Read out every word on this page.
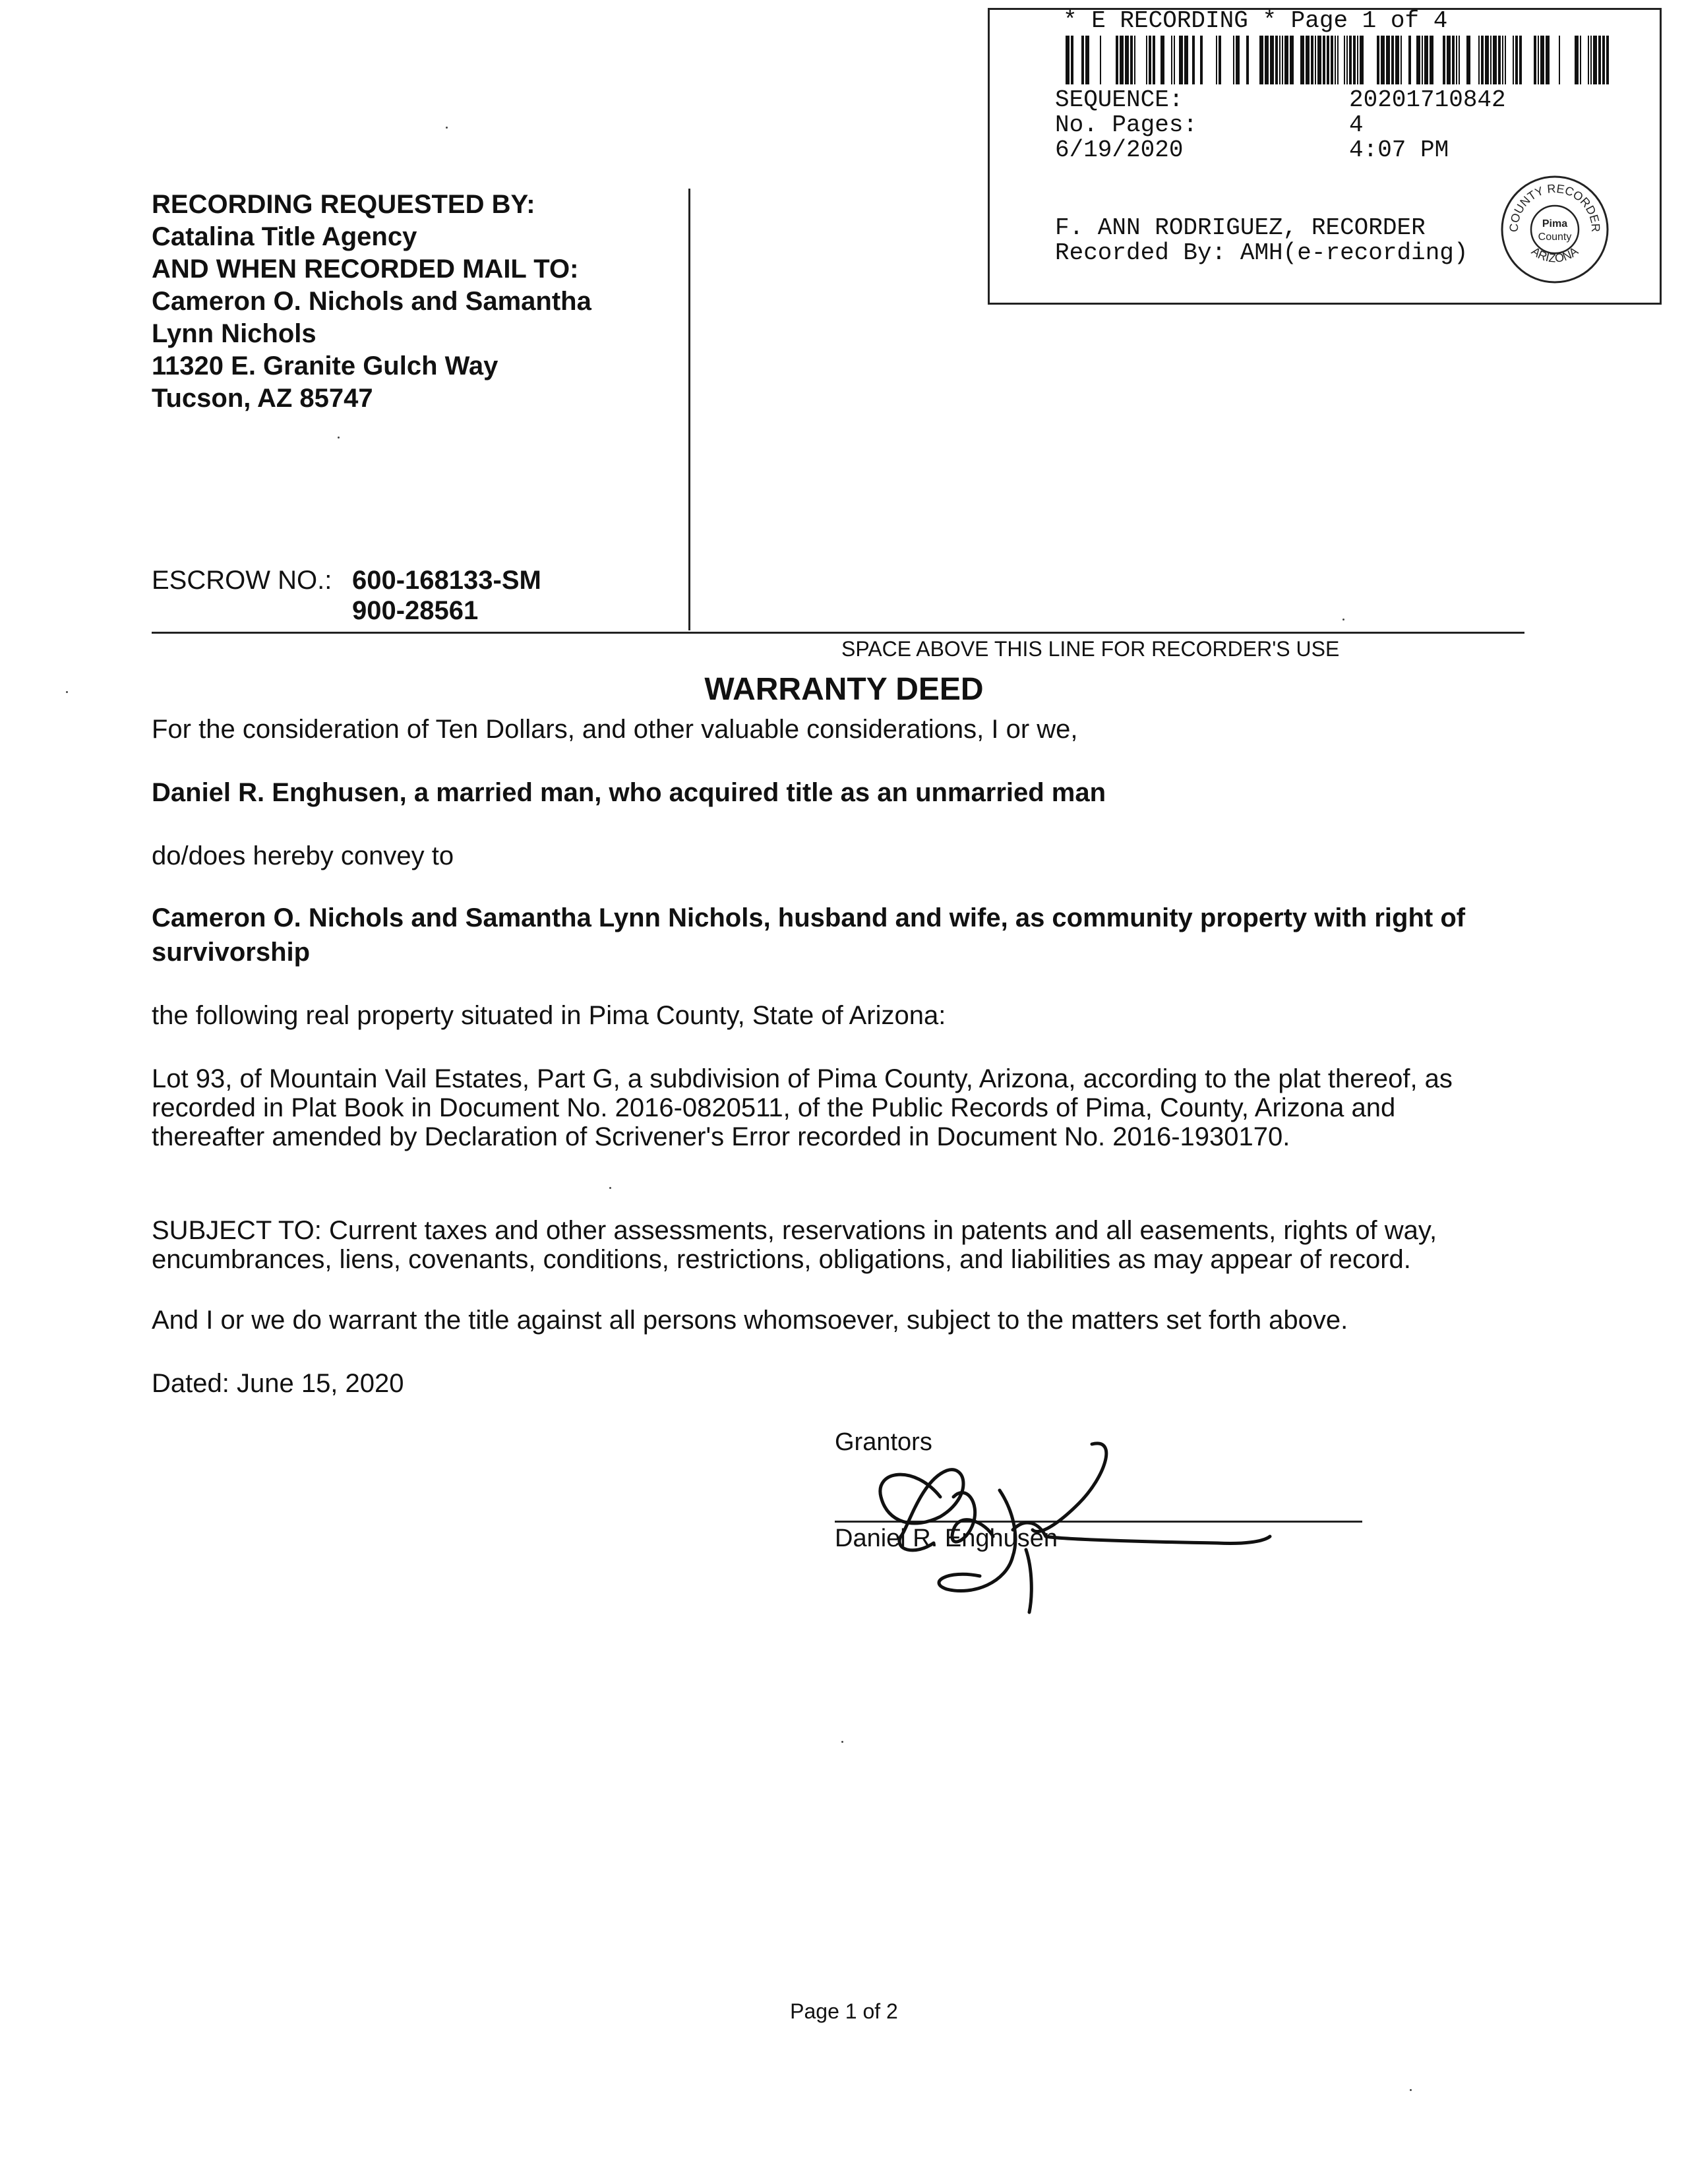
* E RECORDING * Page 1 of 4
SEQUENCE:	20201710842
No. Pages:	4
6/19/2020	4:07 PM
F. ANN RODRIGUEZ, RECORDER
Recorded By: AMH(e-recording)
COUNTY RECORDER
ARIZONA
Pima
County
RECORDING REQUESTED BY:
Catalina Title Agency
AND WHEN RECORDED MAIL TO:
Cameron O. Nichols and Samantha
Lynn Nichols
11320 E. Granite Gulch Way
Tucson, AZ 85747
ESCROW NO.: 600-168133-SM
900-28561
SPACE ABOVE THIS LINE FOR RECORDER'S USE
WARRANTY DEED
For the consideration of Ten Dollars, and other valuable considerations, I or we,
Daniel R. Enghusen, a married man, who acquired title as an unmarried man
do/does hereby convey to
Cameron O. Nichols and Samantha Lynn Nichols, husband and wife, as community property with right of
survivorship
the following real property situated in Pima County, State of Arizona:
Lot 93, of Mountain Vail Estates, Part G, a subdivision of Pima County, Arizona, according to the plat thereof, as
recorded in Plat Book in Document No. 2016-0820511, of the Public Records of Pima, County, Arizona and
thereafter amended by Declaration of Scrivener's Error recorded in Document No. 2016-1930170.
SUBJECT TO: Current taxes and other assessments, reservations in patents and all easements, rights of way,
encumbrances, liens, covenants, conditions, restrictions, obligations, and liabilities as may appear of record.
And I or we do warrant the title against all persons whomsoever, subject to the matters set forth above.
Dated: June 15, 2020
Grantors
Daniel R. Enghusen
Page 1 of 2
